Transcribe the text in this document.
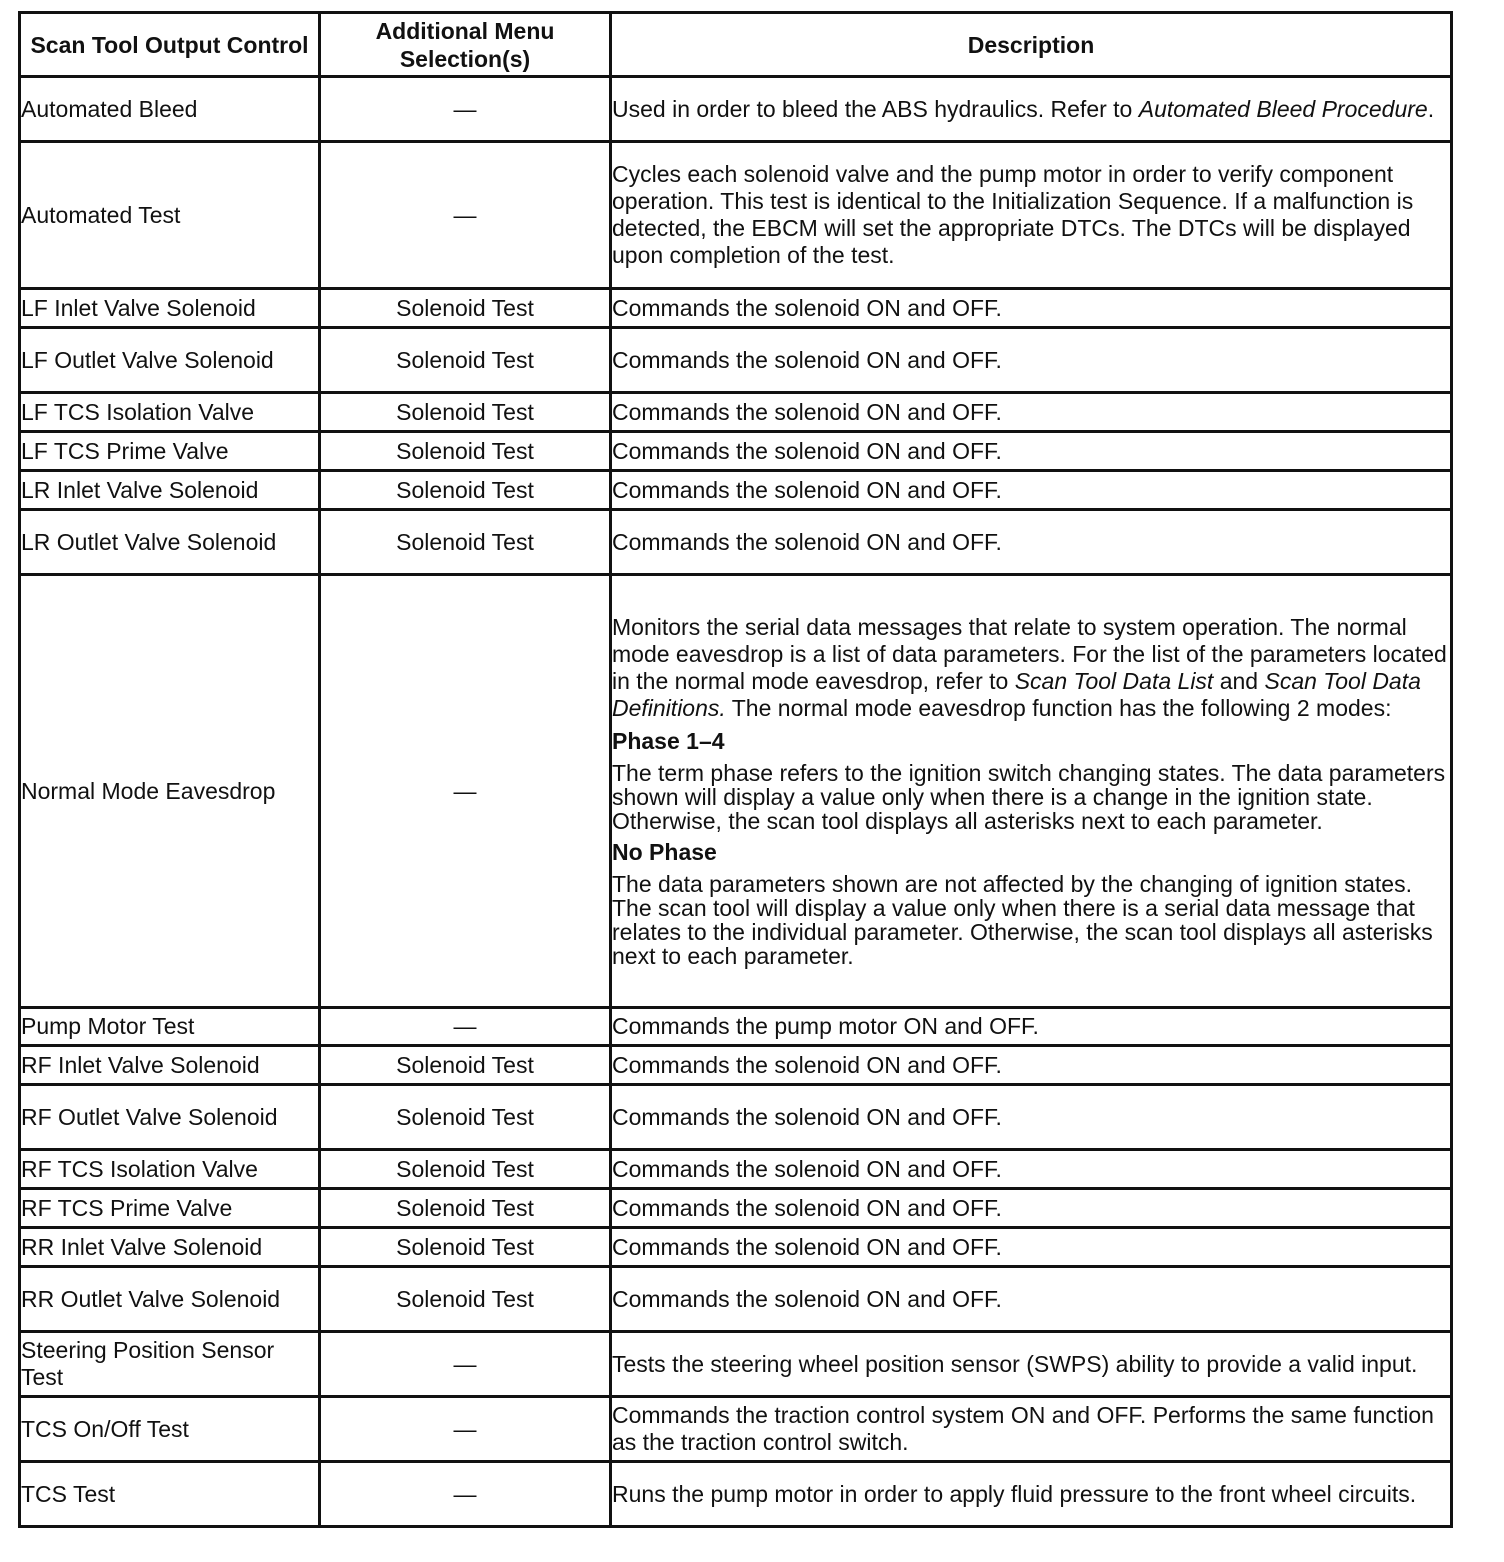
Scan Tool Output Control	Additional Menu Selection(s)	Description
Automated Bleed	—	Used in order to bleed the ABS hydraulics. Refer to Automated Bleed Procedure.
Automated Test	—	Cycles each solenoid valve and the pump motor in order to verify component operation. This test is identical to the Initialization Sequence. If a malfunction is detected, the EBCM will set the appropriate DTCs. The DTCs will be displayed upon completion of the test.
LF Inlet Valve Solenoid	Solenoid Test	Commands the solenoid ON and OFF.
LF Outlet Valve Solenoid	Solenoid Test	Commands the solenoid ON and OFF.
LF TCS Isolation Valve	Solenoid Test	Commands the solenoid ON and OFF.
LF TCS Prime Valve	Solenoid Test	Commands the solenoid ON and OFF.
LR Inlet Valve Solenoid	Solenoid Test	Commands the solenoid ON and OFF.
LR Outlet Valve Solenoid	Solenoid Test	Commands the solenoid ON and OFF.
Normal Mode Eavesdrop	—	Monitors the serial data messages that relate to system operation. The normal mode eavesdrop is a list of data parameters. For the list of the parameters located in the normal mode eavesdrop, refer to Scan Tool Data List and Scan Tool Data Definitions. The normal mode eavesdrop function has the following 2 modes:
Phase 1–4
The term phase refers to the ignition switch changing states. The data parameters shown will display a value only when there is a change in the ignition state. Otherwise, the scan tool displays all asterisks next to each parameter.
No Phase
The data parameters shown are not affected by the changing of ignition states. The scan tool will display a value only when there is a serial data message that relates to the individual parameter. Otherwise, the scan tool displays all asterisks next to each parameter.

Pump Motor Test	—	Commands the pump motor ON and OFF.
RF Inlet Valve Solenoid	Solenoid Test	Commands the solenoid ON and OFF.
RF Outlet Valve Solenoid	Solenoid Test	Commands the solenoid ON and OFF.
RF TCS Isolation Valve	Solenoid Test	Commands the solenoid ON and OFF.
RF TCS Prime Valve	Solenoid Test	Commands the solenoid ON and OFF.
RR Inlet Valve Solenoid	Solenoid Test	Commands the solenoid ON and OFF.
RR Outlet Valve Solenoid	Solenoid Test	Commands the solenoid ON and OFF.
Steering Position Sensor Test	—	Tests the steering wheel position sensor (SWPS) ability to provide a valid input.
TCS On/Off Test	—	Commands the traction control system ON and OFF. Performs the same function as the traction control switch.
TCS Test	—	Runs the pump motor in order to apply fluid pressure to the front wheel circuits.
